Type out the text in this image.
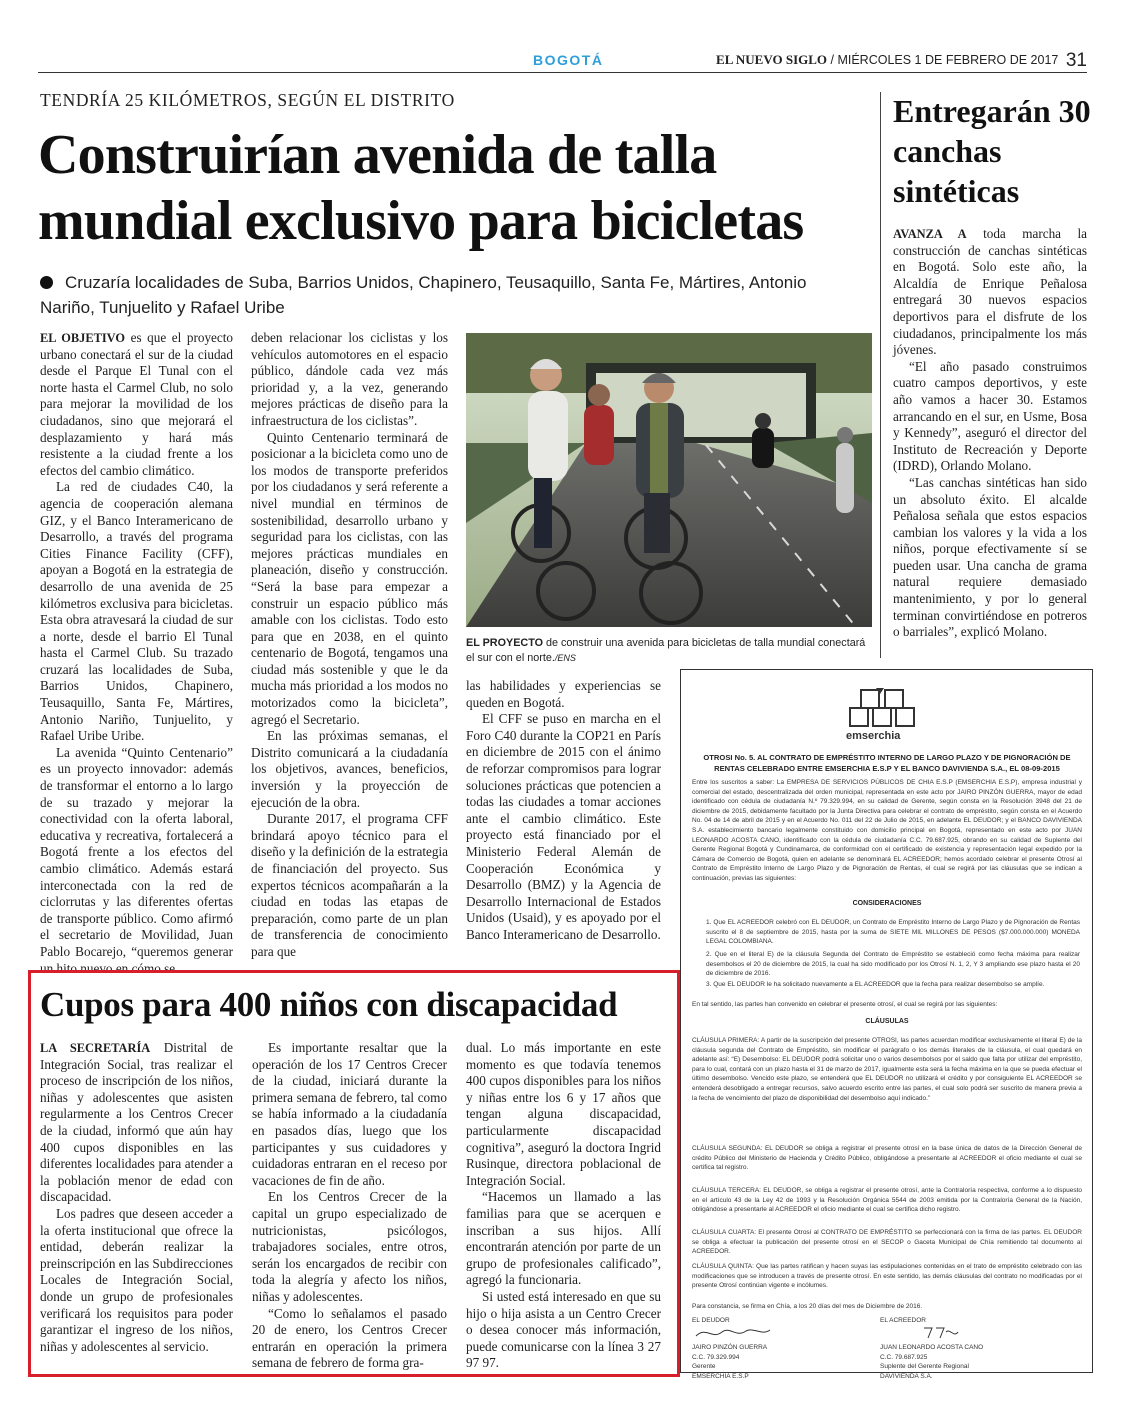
BOGOTÁ	EL NUEVO SIGLO / MIÉRCOLES 1 DE FEBRERO DE 2017 31
TENDRÍA 25 KILÓMETROS, SEGÚN EL DISTRITO
Construirían avenida de talla mundial exclusivo para bicicletas
Cruzaría localidades de Suba, Barrios Unidos, Chapinero, Teusaquillo, Santa Fe, Mártires, Antonio Nariño, Tunjuelito y Rafael Uribe

EL OBJETIVO es que el proyecto urbano conectará el sur de la ciudad desde el Parque El Tunal con el norte hasta el Carmel Club, no solo para mejorar la movilidad de los ciudadanos, sino que mejorará el desplazamiento y hará más resistente a la ciudad frente a los efectos del cambio climático.

La red de ciudades C40, la agencia de cooperación alemana GIZ, y el Banco Interamericano de Desarrollo, a través del programa Cities Finance Facility (CFF), apoyan a Bogotá en la estrategia de desarrollo de una avenida de 25 kilómetros exclusiva para bicicletas. Esta obra atravesará la ciudad de sur a norte, desde el barrio El Tunal hasta el Carmel Club. Su trazado cruzará las localidades de Suba, Barrios Unidos, Chapinero, Teusaquillo, Santa Fe, Mártires, Antonio Nariño, Tunjuelito, y Rafael Uribe Uribe.

La avenida “Quinto Centenario” es un proyecto innovador: además de transformar el entorno a lo largo de su trazado y mejorar la conectividad con la oferta laboral, educativa y recreativa, fortalecerá a Bogotá frente a los efectos del cambio climático. Además estará interconectada con la red de ciclorrutas y las diferentes ofertas de transporte público. Como afirmó el secretario de Movilidad, Juan Pablo Bocarejo, “queremos generar un hito nuevo en cómo se

deben relacionar los ciclistas y los vehículos automotores en el espacio público, dándole cada vez más prioridad y, a la vez, generando mejores prácticas de diseño para la infraestructura de los ciclistas”.

Quinto Centenario terminará de posicionar a la bicicleta como uno de los modos de transporte preferidos por los ciudadanos y será referente a nivel mundial en términos de sostenibilidad, desarrollo urbano y seguridad para los ciclistas, con las mejores prácticas mundiales en planeación, diseño y construcción. “Será la base para empezar a construir un espacio público más amable con los ciclistas. Todo esto para que en 2038, en el quinto centenario de Bogotá, tengamos una ciudad más sostenible y que le da mucha más prioridad a los modos no motorizados como la bicicleta”, agregó el Secretario.

En las próximas semanas, el Distrito comunicará a la ciudadanía los objetivos, avances, beneficios, inversión y la proyección de ejecución de la obra.

Durante 2017, el programa CFF brindará apoyo técnico para el diseño y la definición de la estrategia de financiación del proyecto. Sus expertos técnicos acompañarán a la ciudad en todas las etapas de preparación, como parte de un plan de transferencia de conocimiento para que

EL PROYECTO de construir una avenida para bicicletas de talla mundial conectará el sur con el norte./ENS

las habilidades y experiencias se queden en Bogotá.

El CFF se puso en marcha en el Foro C40 durante la COP21 en París en diciembre de 2015 con el ánimo de reforzar compromisos para lograr soluciones prácticas que potencien a todas las ciudades a tomar acciones ante el cambio climático. Este proyecto está financiado por el Ministerio Federal Alemán de Cooperación Económica y Desarrollo (BMZ) y la Agencia de Desarrollo Internacional de Estados Unidos (Usaid), y es apoyado por el Banco Interamericano de Desarrollo.

Entregarán 30 canchas sintéticas

AVANZA A toda marcha la construcción de canchas sintéticas en Bogotá. Solo este año, la Alcaldía de Enrique Peñalosa entregará 30 nuevos espacios deportivos para el disfrute de los ciudadanos, principalmente los más jóvenes.

“El año pasado construimos cuatro campos deportivos, y este año vamos a hacer 30. Estamos arrancando en el sur, en Usme, Bosa y Kennedy”, aseguró el director del Instituto de Recreación y Deporte (IDRD), Orlando Molano.

“Las canchas sintéticas han sido un absoluto éxito. El alcalde Peñalosa señala que estos espacios cambian los valores y la vida a los niños, porque efectivamente sí se pueden usar. Una cancha de grama natural requiere demasiado mantenimiento, y por lo general terminan convirtiéndose en potreros o barriales”, explicó Molano.

emserchia
OTROSI No. 5. AL CONTRATO DE EMPRÉSTITO INTERNO DE LARGO PLAZO Y DE PIGNORACIÓN DE RENTAS CELEBRADO ENTRE EMSERCHIA E.S.P Y EL BANCO DAVIVIENDA S.A., EL 08-09-2015
Entre los suscritos a saber: La EMPRESA DE SERVICIOS PÚBLICOS DE CHIA E.S.P (EMSERCHIA E.S.P), empresa industrial y comercial del estado, descentralizada del orden municipal, representada en este acto por JAIRO PINZÓN GUERRA, mayor de edad identificado con cédula de ciudadanía N.º 79.329.994, en su calidad de Gerente, según consta en la Resolución 3948 del 21 de diciembre de 2015, debidamente facultado por la Junta Directiva para celebrar el contrato de empréstito, según consta en el Acuerdo No. 04 de 14 de abril de 2015 y en el Acuerdo No. 011 del 22 de Julio de 2015, en adelante EL DEUDOR; y el BANCO DAVIVIENDA S.A. establecimiento bancario legalmente constituido con domicilio principal en Bogotá, representado en este acto por JUAN LEONARDO ACOSTA CANO, identificado con la cédula de ciudadanía C.C. 79.687.925, obrando en su calidad de Suplente del Gerente Regional Bogotá y Cundinamarca, de conformidad con el certificado de existencia y representación legal expedido por la Cámara de Comercio de Bogotá, quien en adelante se denominará EL ACREEDOR; hemos acordado celebrar el presente Otrosí al Contrato de Empréstito Interno de Largo Plazo y de Pignoración de Rentas, el cual se regirá por las cláusulas que se indican a continuación, previas las siguientes:
CONSIDERACIONES
1. Que EL ACREEDOR celebró con EL DEUDOR, un Contrato de Empréstito Interno de Largo Plazo y de Pignoración de Rentas suscrito el 8 de septiembre de 2015, hasta por la suma de SIETE MIL MILLONES DE PESOS ($7.000.000.000) MONEDA LEGAL COLOMBIANA.
2. Que en el literal E) de la cláusula Segunda del Contrato de Empréstito se estableció como fecha máxima para realizar desembolsos el 20 de diciembre de 2015, la cual ha sido modificado por los Otrosí N. 1, 2, Y 3 ampliando ese plazo hasta el 20 de diciembre de 2016.
3. Que EL DEUDOR le ha solicitado nuevamente a EL ACREEDOR que la fecha para realizar desembolso se amplíe.
En tal sentido, las partes han convenido en celebrar el presente otrosí, el cual se regirá por las siguientes:
CLÁUSULAS
CLÁUSULA PRIMERA: A partir de la suscripción del presente OTROSI, las partes acuerdan modificar exclusivamente el literal E) de la cláusula segunda del Contrato de Empréstito, sin modificar el parágrafo o los demás literales de la cláusula, el cual quedará en adelante así: “E) Desembolso: EL DEUDOR podrá solicitar uno o varios desembolsos por el saldo que falta por utilizar del empréstito, para lo cual, contará con un plazo hasta el 31 de marzo de 2017, igualmente esta será la fecha máxima en la que se pueda efectuar el último desembolso. Vencido este plazo, se entenderá que EL DEUDOR no utilizará el crédito y por consiguiente EL ACREEDOR se entenderá desobligado a entregar recursos, salvo acuerdo escrito entre las partes, el cual solo podrá ser suscrito de manera previa a la fecha de vencimiento del plazo de disponibilidad del desembolso aquí indicado.”
CLÁUSULA SEGUNDA: EL DEUDOR se obliga a registrar el presente otrosí en la base única de datos de la Dirección General de crédito Público del Ministerio de Hacienda y Crédito Público, obligándose a presentarle al ACREEDOR el oficio mediante el cual se certifica tal registro.
CLÁUSULA TERCERA: EL DEUDOR, se obliga a registrar el presente otrosí, ante la Contraloría respectiva, conforme a lo dispuesto en el artículo 43 de la Ley 42 de 1993 y la Resolución Orgánica 5544 de 2003 emitida por la Contraloría General de la Nación, obligándose a presentarle al ACREEDOR el oficio mediante el cual se certifica dicho registro.
CLÁUSULA CUARTA: El presente Otrosí al CONTRATO DE EMPRÉSTITO se perfeccionará con la firma de las partes. EL DEUDOR se obliga a efectuar la publicación del presente otrosí en el SECOP o Gaceta Municipal de Chía remitiendo tal documento al ACREEDOR.
CLÁUSULA QUINTA: Que las partes ratifican y hacen suyas las estipulaciones contenidas en el trato de empréstito celebrado con las modificaciones que se introducen a través de presente otrosí. En este sentido, las demás cláusulas del contrato no modificadas por el presente Otrosí continúan vigente e incólumes.
Para constancia, se firma en Chía, a los 20 días del mes de Diciembre de 2016.
EL DEUDOR
JAIRO PINZÓN GUERRA
C.C. 79.329.994
Gerente
EMSERCHIA E.S.P
EL ACREEDOR
JUAN LEONARDO ACOSTA CANO
C.C. 79.687.925
Suplente del Gerente Regional
DAVIVIENDA S.A.
Cupos para 400 niños con discapacidad

LA SECRETARÍA Distrital de Integración Social, tras realizar el proceso de inscripción de los niños, niñas y adolescentes que asisten regularmente a los Centros Crecer de la ciudad, informó que aún hay 400 cupos disponibles en las diferentes localidades para atender a la población menor de edad con discapacidad.

Los padres que deseen acceder a la oferta institucional que ofrece la entidad, deberán realizar la preinscripción en las Subdirecciones Locales de Integración Social, donde un grupo de profesionales verificará los requisitos para poder garantizar el ingreso de los niños, niñas y adolescentes al servicio.

Es importante resaltar que la operación de los 17 Centros Crecer de la ciudad, iniciará durante la primera semana de febrero, tal como se había informado a la ciudadanía en pasados días, luego que los participantes y sus cuidadores y cuidadoras entraran en el receso por vacaciones de fin de año.

En los Centros Crecer de la capital un grupo especializado de nutricionistas, psicólogos, trabajadores sociales, entre otros, serán los encargados de recibir con toda la alegría y afecto los niños, niñas y adolescentes.

“Como lo señalamos el pasado 20 de enero, los Centros Crecer entrarán en operación la primera semana de febrero de forma gra-

dual. Lo más importante en este momento es que todavía tenemos 400 cupos disponibles para los niños y niñas entre los 6 y 17 años que tengan alguna discapacidad, particularmente discapacidad cognitiva”, aseguró la doctora Ingrid Rusinque, directora poblacional de Integración Social.

“Hacemos un llamado a las familias para que se acerquen e inscriban a sus hijos. Allí encontrarán atención por parte de un grupo de profesionales calificado”, agregó la funcionaria.

Si usted está interesado en que su hijo o hija asista a un Centro Crecer o desea conocer más información, puede comunicarse con la línea 3 27 97 97.
